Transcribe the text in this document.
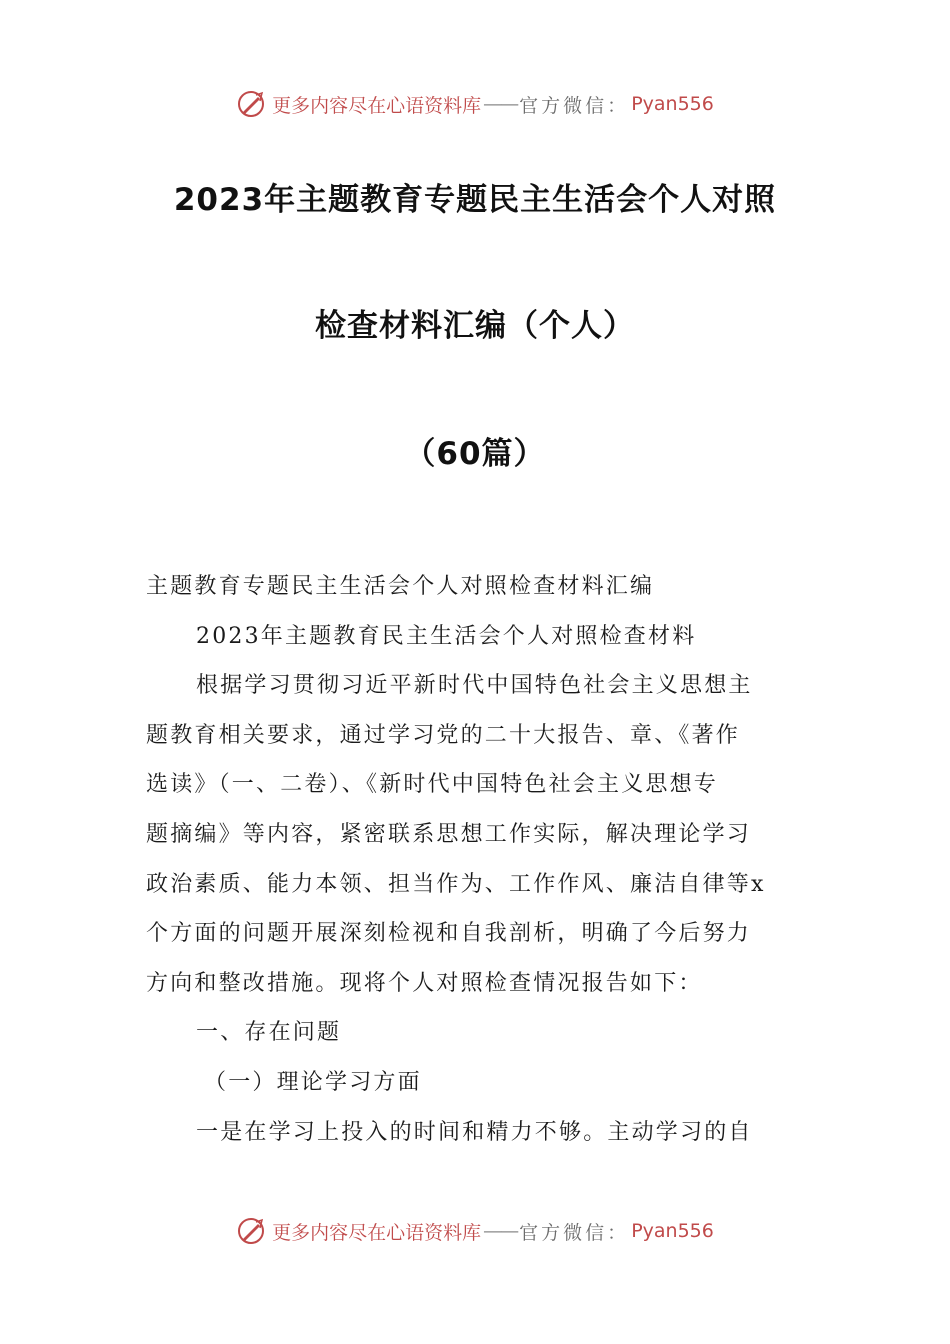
更多内容尽在心语资料库 —— 官方微信： Pyan556
2023年主题教育专题民主生活会个人对照
检查材料汇编（个人）
（60篇）
主题教育专题民主生活会个人对照检查材料汇编
2023年主题教育民主生活会个人对照检查材料
根据学习贯彻习近平新时代中国特色社会主义思想主
题教育相关要求，通过学习党的二十大报告、章、《著作
选读》（一、二卷）、《新时代中国特色社会主义思想专
题摘编》等内容，紧密联系思想工作实际，解决理论学习
政治素质、能力本领、担当作为、工作作风、廉洁自律等x
个方面的问题开展深刻检视和自我剖析，明确了今后努力
方向和整改措施。现将个人对照检查情况报告如下：
一、存在问题
（一）理论学习方面
一是在学习上投入的时间和精力不够。主动学习的自
更多内容尽在心语资料库 —— 官方微信： Pyan556
